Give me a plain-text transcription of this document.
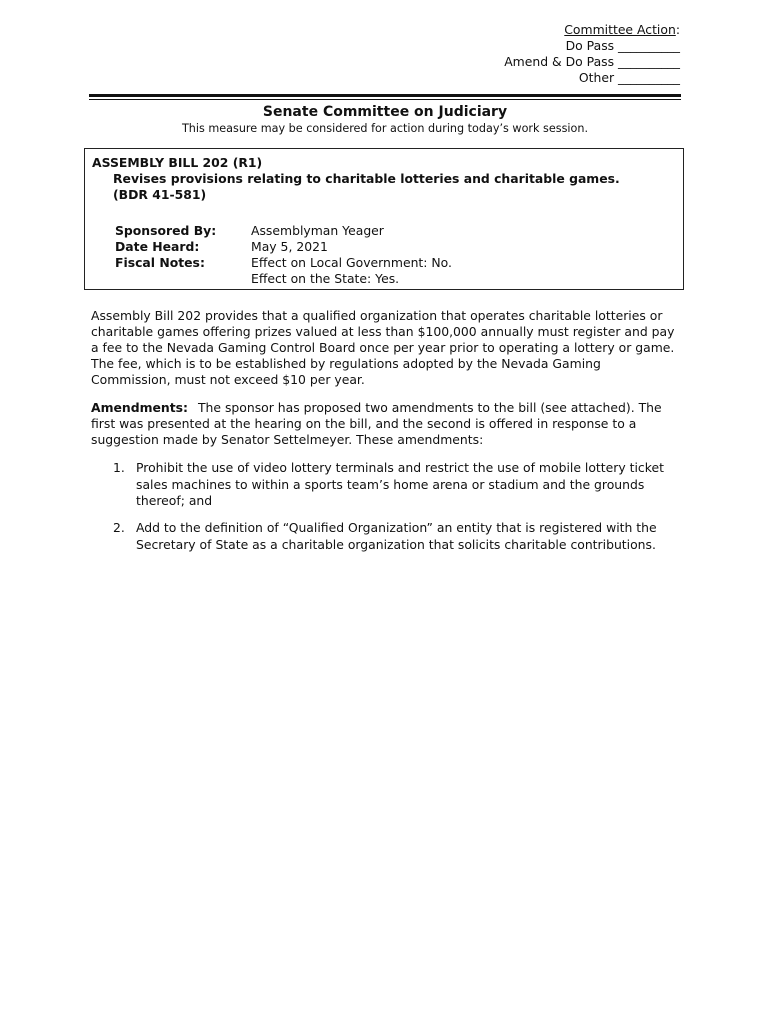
Committee Action:
Do Pass __________
Amend & Do Pass __________
Other __________
Senate Committee on Judiciary
This measure may be considered for action during today’s work session.
ASSEMBLY BILL 202 (R1)
Revises provisions relating to charitable lotteries and charitable games.
(BDR 41-581)
Sponsored By:	Assemblyman Yeager
Date Heard:	May 5, 2021
Fiscal Notes:	Effect on Local Government: No.
Effect on the State: Yes.
Assembly Bill 202 provides that a qualified organization that operates charitable lotteries or charitable games offering prizes valued at less than $100,000 annually must register and pay a fee to the Nevada Gaming Control Board once per year prior to operating a lottery or game. The fee, which is to be established by regulations adopted by the Nevada Gaming Commission, must not exceed $10 per year.
Amendments: The sponsor has proposed two amendments to the bill (see attached). The first was presented at the hearing on the bill, and the second is offered in response to a suggestion made by Senator Settelmeyer. These amendments:
1. Prohibit the use of video lottery terminals and restrict the use of mobile lottery ticket sales machines to within a sports team’s home arena or stadium and the grounds thereof; and
2. Add to the definition of “Qualified Organization” an entity that is registered with the Secretary of State as a charitable organization that solicits charitable contributions.
